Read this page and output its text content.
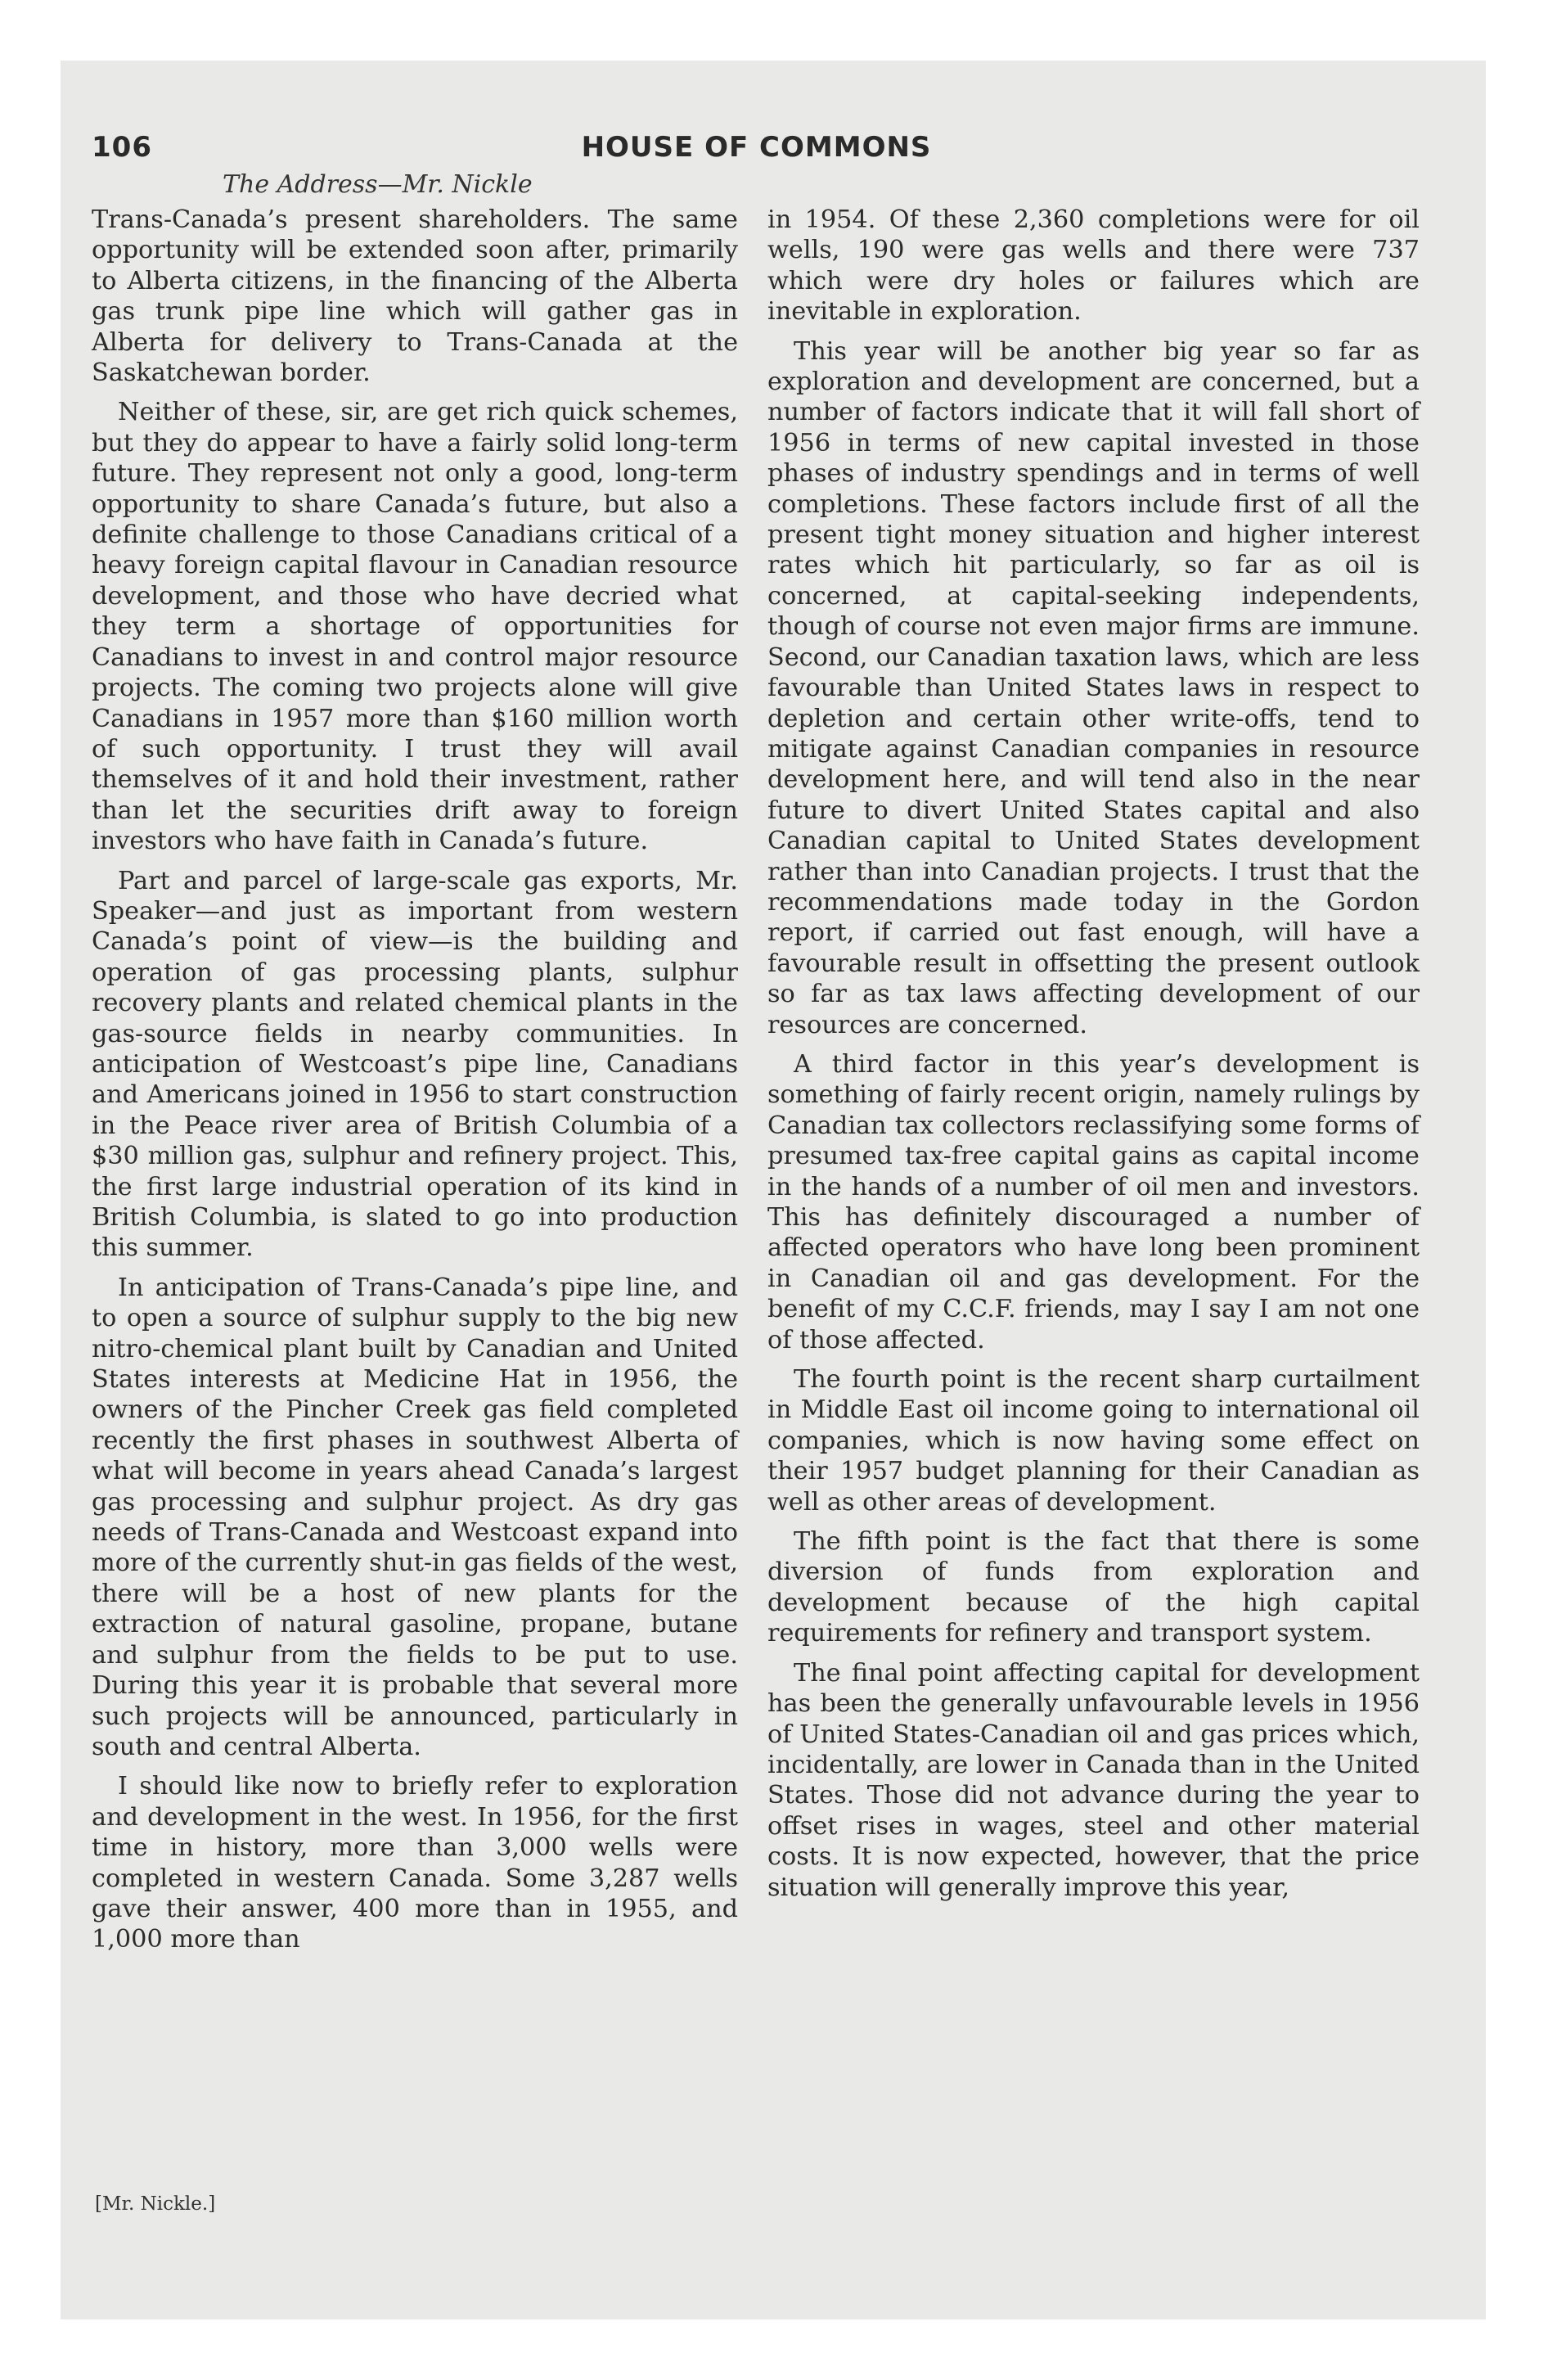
106	HOUSE OF COMMONS
The Address—Mr. Nickle

Trans-Canada’s present shareholders. The same opportunity will be extended soon after, primarily to Alberta citizens, in the financing of the Alberta gas trunk pipe line which will gather gas in Alberta for delivery to Trans-Canada at the Saskatchewan border.

Neither of these, sir, are get rich quick schemes, but they do appear to have a fairly solid long-term future. They represent not only a good, long-term opportunity to share Canada’s future, but also a definite challenge to those Canadians critical of a heavy foreign capital flavour in Canadian resource development, and those who have decried what they term a shortage of opportunities for Canadians to invest in and control major resource projects. The coming two projects alone will give Canadians in 1957 more than $160 million worth of such opportunity. I trust they will avail themselves of it and hold their investment, rather than let the securities drift away to foreign investors who have faith in Canada’s future.

Part and parcel of large-scale gas exports, Mr. Speaker—and just as important from western Canada’s point of view—is the building and operation of gas processing plants, sulphur recovery plants and related chemical plants in the gas-source fields in nearby communities. In anticipation of Westcoast’s pipe line, Canadians and Americans joined in 1956 to start construction in the Peace river area of British Columbia of a $30 million gas, sulphur and refinery project. This, the first large industrial operation of its kind in British Columbia, is slated to go into production this summer.

In anticipation of Trans-Canada’s pipe line, and to open a source of sulphur supply to the big new nitro-chemical plant built by Canadian and United States interests at Medicine Hat in 1956, the owners of the Pincher Creek gas field completed recently the first phases in southwest Alberta of what will become in years ahead Canada’s largest gas processing and sulphur project. As dry gas needs of Trans-Canada and Westcoast expand into more of the currently shut-in gas fields of the west, there will be a host of new plants for the extraction of natural gasoline, propane, butane and sulphur from the fields to be put to use. During this year it is probable that several more such projects will be announced, particularly in south and central Alberta.

I should like now to briefly refer to exploration and development in the west. In 1956, for the first time in history, more than 3,000 wells were completed in western Canada. Some 3,287 wells gave their answer, 400 more than in 1955, and 1,000 more than

in 1954. Of these 2,360 completions were for oil wells, 190 were gas wells and there were 737 which were dry holes or failures which are inevitable in exploration.

This year will be another big year so far as exploration and development are concerned, but a number of factors indicate that it will fall short of 1956 in terms of new capital invested in those phases of industry spendings and in terms of well completions. These factors include first of all the present tight money situation and higher interest rates which hit particularly, so far as oil is concerned, at capital-seeking independents, though of course not even major firms are immune. Second, our Canadian taxation laws, which are less favourable than United States laws in respect to depletion and certain other write-offs, tend to mitigate against Canadian companies in resource development here, and will tend also in the near future to divert United States capital and also Canadian capital to United States development rather than into Canadian projects. I trust that the recommendations made today in the Gordon report, if carried out fast enough, will have a favourable result in offsetting the present outlook so far as tax laws affecting development of our resources are concerned.

A third factor in this year’s development is something of fairly recent origin, namely rulings by Canadian tax collectors reclassifying some forms of presumed tax-free capital gains as capital income in the hands of a number of oil men and investors. This has definitely discouraged a number of affected operators who have long been prominent in Canadian oil and gas development. For the benefit of my C.C.F. friends, may I say I am not one of those affected.

The fourth point is the recent sharp curtailment in Middle East oil income going to international oil companies, which is now having some effect on their 1957 budget planning for their Canadian as well as other areas of development.

The fifth point is the fact that there is some diversion of funds from exploration and development because of the high capital requirements for refinery and transport system.

The final point affecting capital for development has been the generally unfavourable levels in 1956 of United States-Canadian oil and gas prices which, incidentally, are lower in Canada than in the United States. Those did not advance during the year to offset rises in wages, steel and other material costs. It is now expected, however, that the price situation will generally improve this year,

[Mr. Nickle.]
